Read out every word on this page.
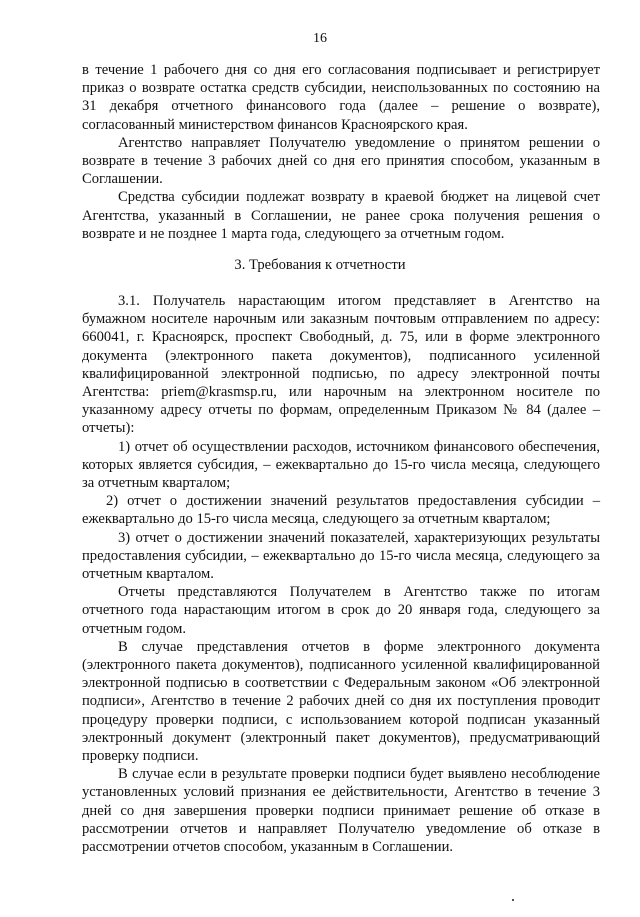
16

в течение 1 рабочего дня со дня его согласования подписывает и регистрирует приказ о возврате остатка средств субсидии, неиспользованных по состоянию на 31 декабря отчетного финансового года (далее – решение о возврате), согласованный министерством финансов Красноярского края.

Агентство направляет Получателю уведомление о принятом решении о возврате в течение 3 рабочих дней со дня его принятия способом, указанным в Соглашении.

Средства субсидии подлежат возврату в краевой бюджет на лицевой счет Агентства, указанный в Соглашении, не ранее срока получения решения о возврате и не позднее 1 марта года, следующего за отчетным годом.

3. Требования к отчетности

3.1. Получатель нарастающим итогом представляет в Агентство на бумажном носителе нарочным или заказным почтовым отправлением по адресу: 660041, г. Красноярск, проспект Свободный, д. 75, или в форме электронного документа (электронного пакета документов), подписанного усиленной квалифицированной электронной подписью, по адресу электронной почты Агентства: priem@krasmsp.ru, или нарочным на электронном носителе по указанному адресу отчеты по формам, определенным Приказом № 84 (далее – отчеты):

1) отчет об осуществлении расходов, источником финансового обеспечения, которых является субсидия, – ежеквартально до 15-го числа месяца, следующего за отчетным кварталом;

2) отчет о достижении значений результатов предоставления субсидии – ежеквартально до 15-го числа месяца, следующего за отчетным кварталом;

3) отчет о достижении значений показателей, характеризующих результаты предоставления субсидии, – ежеквартально до 15-го числа месяца, следующего за отчетным кварталом.

Отчеты представляются Получателем в Агентство также по итогам отчетного года нарастающим итогом в срок до 20 января года, следующего за отчетным годом.

В случае представления отчетов в форме электронного документа (электронного пакета документов), подписанного усиленной квалифицированной электронной подписью в соответствии с Федеральным законом «Об электронной подписи», Агентство в течение 2 рабочих дней со дня их поступления проводит процедуру проверки подписи, с использованием которой подписан указанный электронный документ (электронный пакет документов), предусматривающий проверку подписи.

В случае если в результате проверки подписи будет выявлено несоблюдение установленных условий признания ее действительности, Агентство в течение 3 дней со дня завершения проверки подписи принимает решение об отказе в рассмотрении отчетов и направляет Получателю уведомление об отказе в рассмотрении отчетов способом, указанным в Соглашении.
